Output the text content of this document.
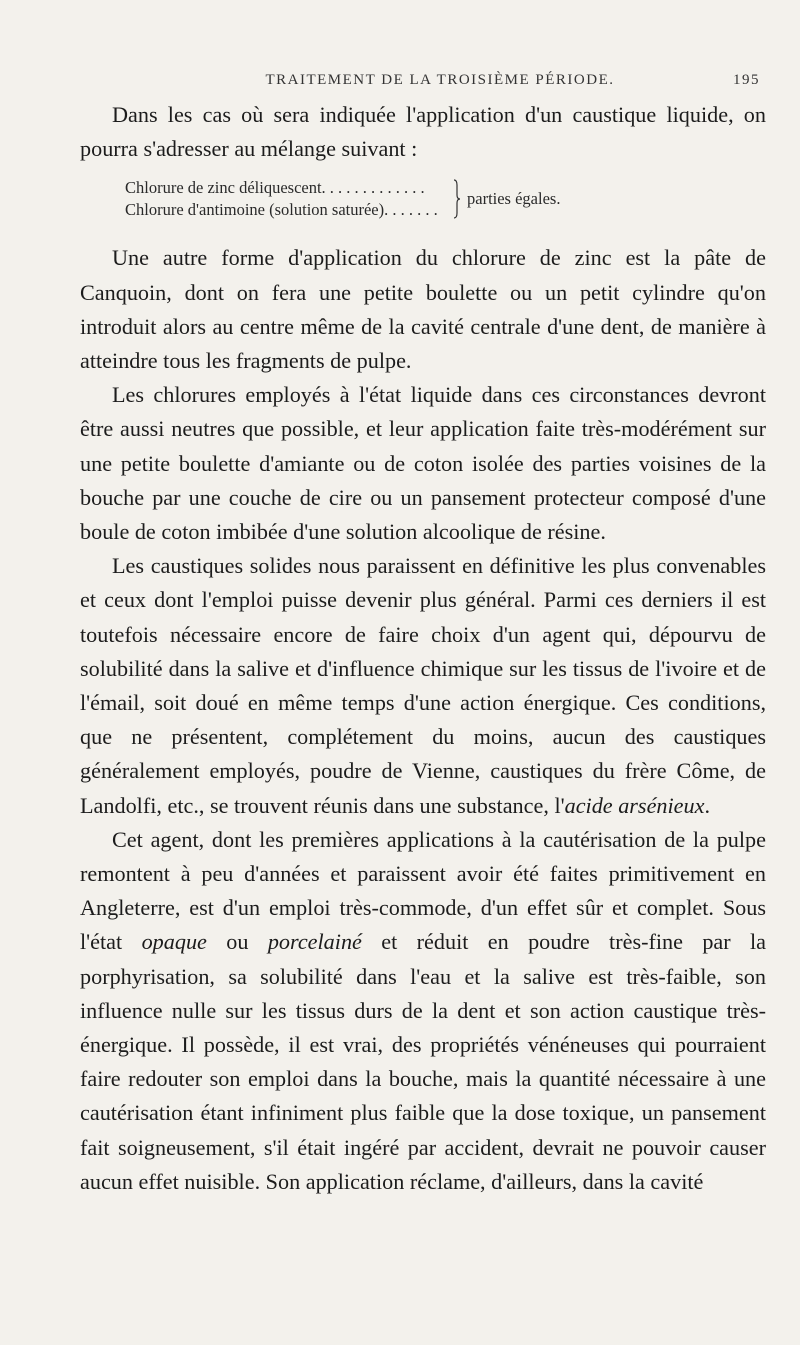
TRAITEMENT DE LA TROISIÈME PÉRIODE.	195

Dans les cas où sera indiquée l'application d'un caustique liquide, on pourra s'adresser au mélange suivant :

Chlorure de zinc déliquescent. . . . . . . . . . . . .
Chlorure d'antimoine (solution saturée). . . . . . .
parties égales.

Une autre forme d'application du chlorure de zinc est la pâte de Canquoin, dont on fera une petite boulette ou un petit cylindre qu'on introduit alors au centre même de la cavité centrale d'une dent, de manière à atteindre tous les fragments de pulpe.

Les chlorures employés à l'état liquide dans ces circonstances devront être aussi neutres que possible, et leur application faite très-modérément sur une petite boulette d'amiante ou de coton isolée des parties voisines de la bouche par une couche de cire ou un pansement protecteur composé d'une boule de coton imbibée d'une solution alcoolique de résine.

Les caustiques solides nous paraissent en définitive les plus convenables et ceux dont l'emploi puisse devenir plus général. Parmi ces derniers il est toutefois nécessaire encore de faire choix d'un agent qui, dépourvu de solubilité dans la salive et d'influence chimique sur les tissus de l'ivoire et de l'émail, soit doué en même temps d'une action énergique. Ces conditions, que ne présentent, complétement du moins, aucun des caustiques généralement employés, poudre de Vienne, caustiques du frère Côme, de Landolfi, etc., se trouvent réunis dans une substance, l'acide arsénieux.

Cet agent, dont les premières applications à la cautérisation de la pulpe remontent à peu d'années et paraissent avoir été faites primitivement en Angleterre, est d'un emploi très-commode, d'un effet sûr et complet. Sous l'état opaque ou porcelainé et réduit en poudre très-fine par la porphyrisation, sa solubilité dans l'eau et la salive est très-faible, son influence nulle sur les tissus durs de la dent et son action caustique très-énergique. Il possède, il est vrai, des propriétés vénéneuses qui pourraient faire redouter son emploi dans la bouche, mais la quantité nécessaire à une cautérisation étant infiniment plus faible que la dose toxique, un pansement fait soigneusement, s'il était ingéré par accident, devrait ne pouvoir causer aucun effet nuisible. Son application réclame, d'ailleurs, dans la cavité
